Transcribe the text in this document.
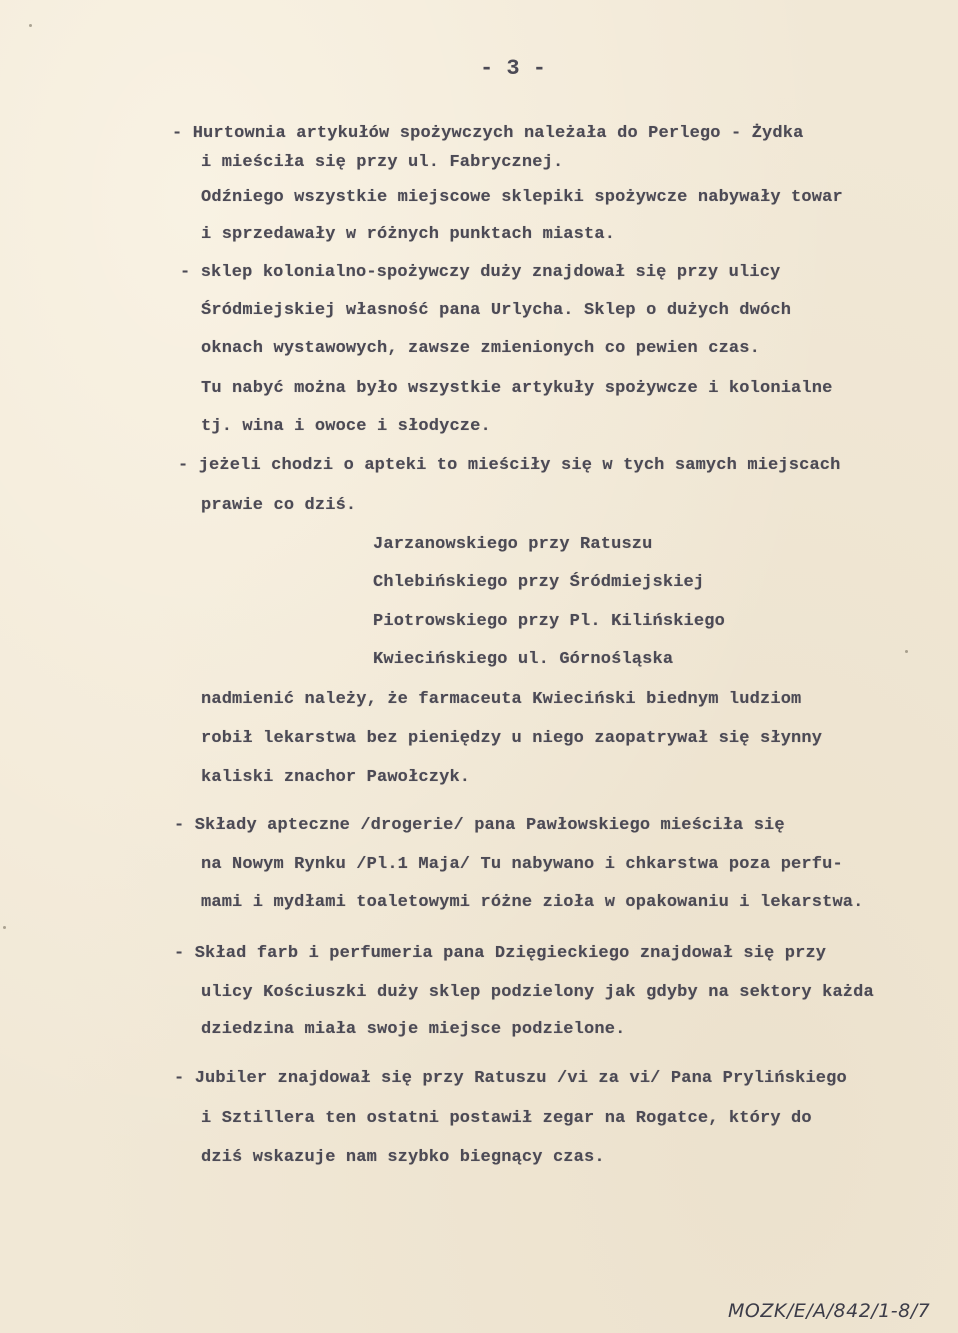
- 3 -
- Hurtownia artykułów spożywczych należała do Perlego - Żydka
i mieściła się przy ul. Fabrycznej.
Odźniego wszystkie miejscowe sklepiki spożywcze nabywały towar
i sprzedawały w różnych punktach miasta.
- sklep kolonialno-spożywczy duży znajdował się przy ulicy
Śródmiejskiej własność pana Urlycha. Sklep o dużych dwóch
oknach wystawowych, zawsze zmienionych co pewien czas.
Tu nabyć można było wszystkie artykuły spożywcze i kolonialne
tj. wina i owoce i słodycze.
- jeżeli chodzi o apteki to mieściły się w tych samych miejscach
prawie co dziś.
Jarzanowskiego przy Ratuszu
Chlebińskiego przy Śródmiejskiej
Piotrowskiego przy Pl. Kilińskiego
Kwiecińskiego ul. Górnośląska
nadmienić należy, że farmaceuta Kwieciński biednym ludziom
robił lekarstwa bez pieniędzy u niego zaopatrywał się słynny
kaliski znachor Pawołczyk.
- Składy apteczne /drogerie/ pana Pawłowskiego mieściła się
na Nowym Rynku /Pl.1 Maja/ Tu nabywano i chkarstwa poza perfu-
mami i mydłami toaletowymi różne zioła w opakowaniu i lekarstwa.
- Skład farb i perfumeria pana Dzięgieckiego znajdował się przy
ulicy Kościuszki duży sklep podzielony jak gdyby na sektory każda
dziedzina miała swoje miejsce podzielone.
- Jubiler znajdował się przy Ratuszu /vi za vi/ Pana Prylińskiego
i Sztillera ten ostatni postawił zegar na Rogatce, który do
dziś wskazuje nam szybko biegnący czas.
MOZK/E/A/842/1-8/7
